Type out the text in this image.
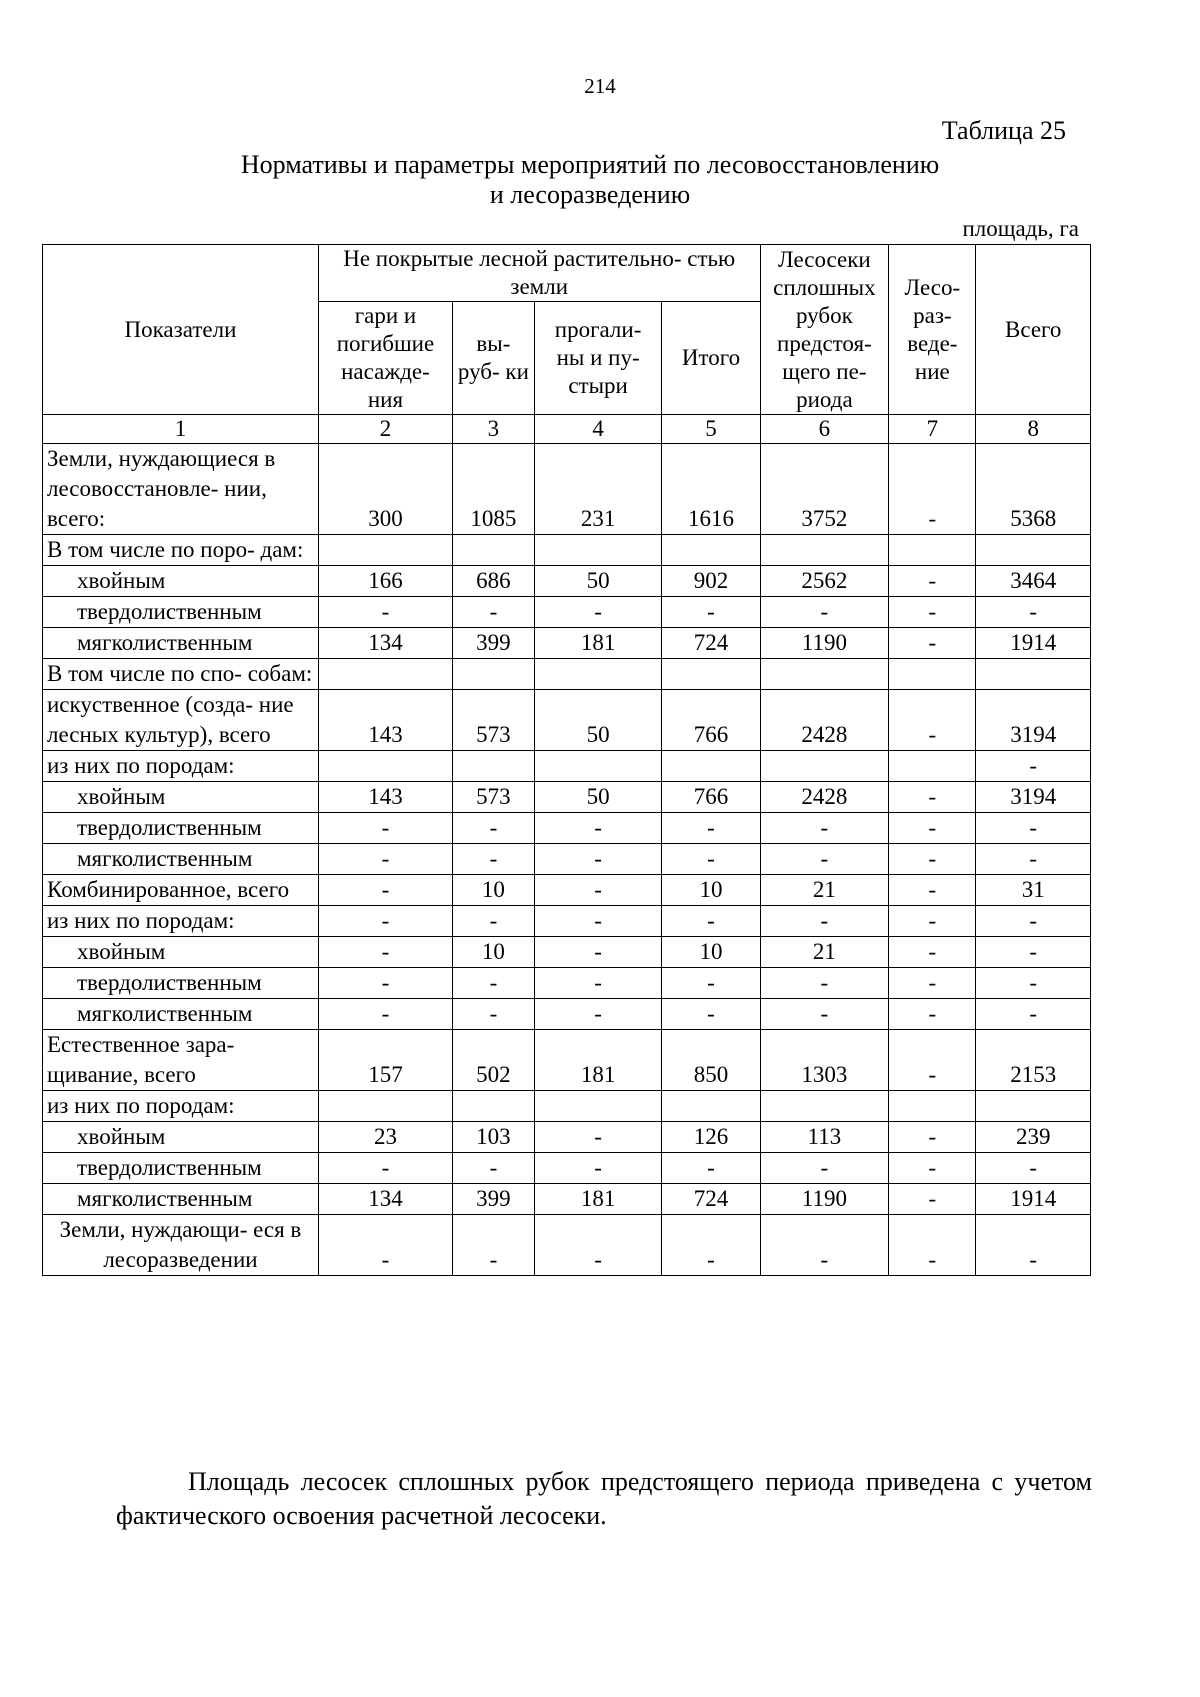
214
Таблица 25
Нормативы и параметры мероприятий по лесовосстановлению
и лесоразведению
площадь, га
Показатели	Не покрытые лесной растительно- стью земли				Лесосеки сплошных рубок предстоя- щего пе- риода	Лесо- раз- веде- ние	Всего
	гари и погибшие насажде- ния	вы- руб- ки	прогали- ны и пу- стыри	Итого			
1	2	3	4	5	6	7	8
Земли, нуждающиеся в лесовосстановле- нии, всего:	300	1085	231	1616	3752	-	5368
В том числе по поро- дам:							
хвойным	166	686	50	902	2562	-	3464
твердолиственным	-	-	-	-	-	-	-
мягколиственным	134	399	181	724	1190	-	1914
В том числе по спо- собам:							
искуственное (созда- ние лесных культур), всего	143	573	50	766	2428	-	3194
из них по породам:							-
хвойным	143	573	50	766	2428	-	3194
твердолиственным	-	-	-	-	-	-	-
мягколиственным	-	-	-	-	-	-	-
Комбинированное, всего	-	10	-	10	21	-	31
из них по породам:	-	-	-	-	-	-	-
хвойным	-	10	-	10	21	-	-
твердолиственным	-	-	-	-	-	-	-
мягколиственным	-	-	-	-	-	-	-
Естественное зара- щивание, всего	157	502	181	850	1303	-	2153
из них по породам:							
хвойным	23	103	-	126	113	-	239
твердолиственным	-	-	-	-	-	-	-
мягколиственным	134	399	181	724	1190	-	1914
Земли, нуждающи- еся в лесоразведении	-	-	-	-	-	-	-
Площадь лесосек сплошных рубок предстоящего периода приведена с учетом фактического освоения расчетной лесосеки.
